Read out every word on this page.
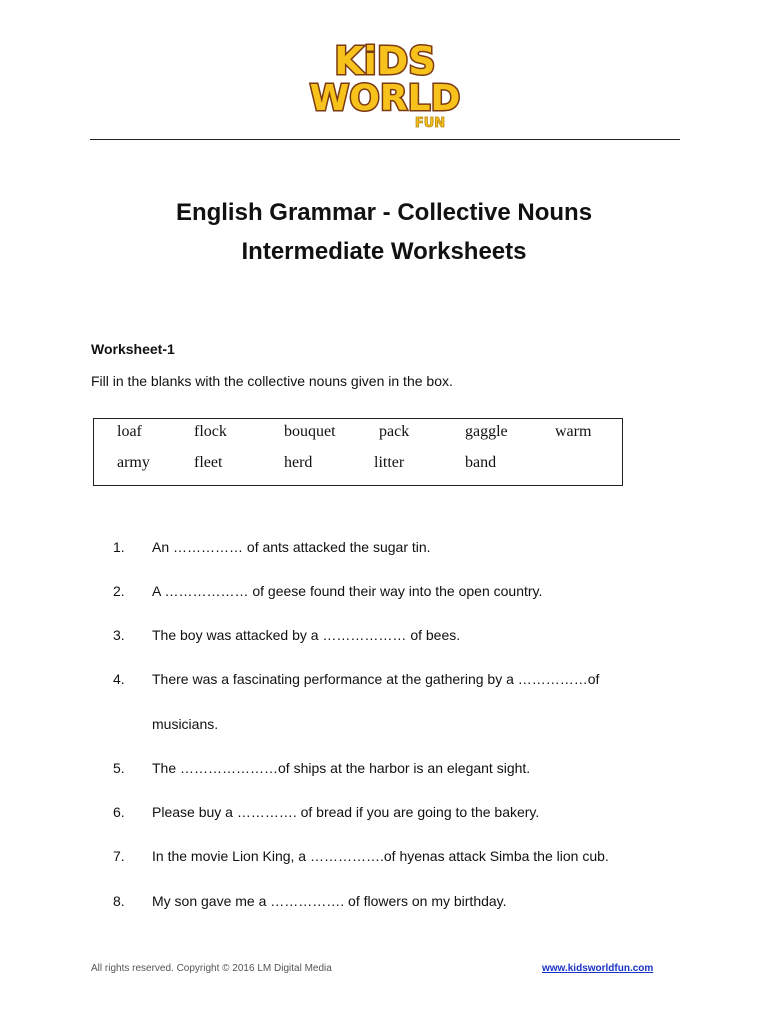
KiDS
WORLD
FUN
English Grammar - Collective Nouns
Intermediate Worksheets
Worksheet-1
Fill in the blanks with the collective nouns given in the box.
loaf	flock	bouquet	pack	gaggle	warm
army	fleet	herd	litter	band
1. An …………… of ants attacked the sugar tin.
2. A ……………… of geese found their way into the open country.
3. The boy was attacked by a ……………… of bees.
4. There was a fascinating performance at the gathering by a ……………of
musicians.
5. The …………………of ships at the harbor is an elegant sight.
6. Please buy a …………. of bread if you are going to the bakery.
7. In the movie Lion King, a …………….of hyenas attack Simba the lion cub.
8. My son gave me a ……………. of flowers on my birthday.
All rights reserved. Copyright © 2016 LM Digital Media	www.kidsworldfun.com
